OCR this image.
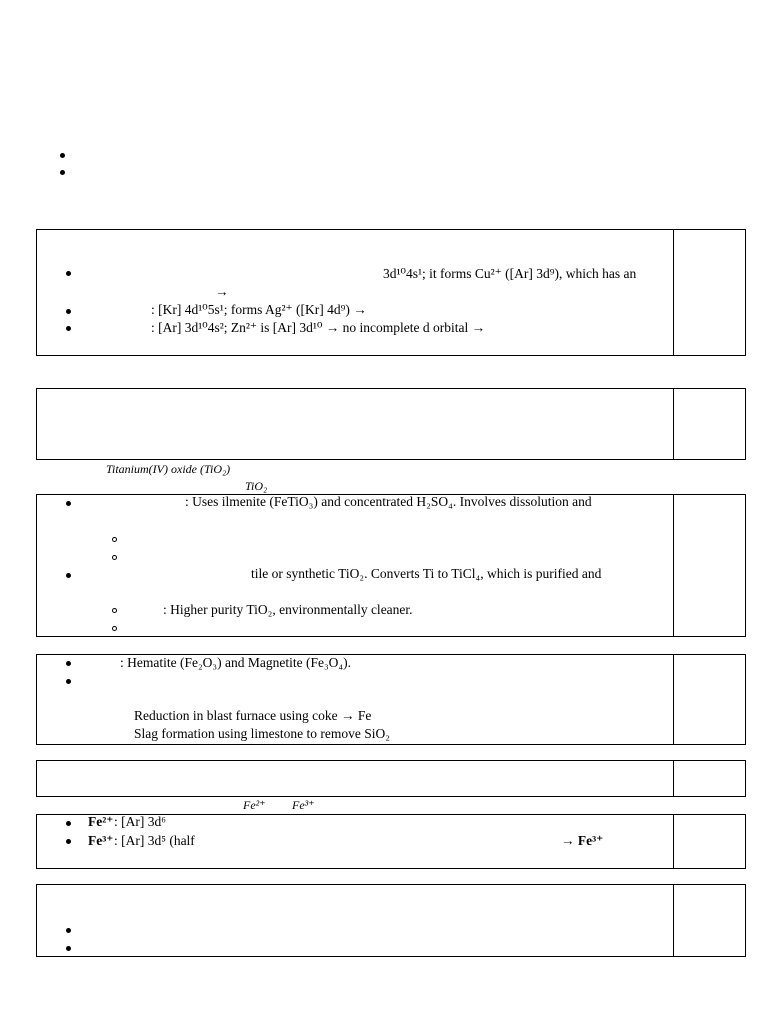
3d¹⁰4s¹; it forms Cu²⁺ ([Ar] 3d⁹), which has an
→
: [Kr] 4d¹⁰5s¹; forms Ag²⁺ ([Kr] 4d⁹) →
: [Ar] 3d¹⁰4s²; Zn²⁺ is [Ar] 3d¹⁰ → no incomplete d orbital →
Titanium(IV) oxide (TiO₂)
TiO₂
: Uses ilmenite (FeTiO₃) and concentrated H₂SO₄. Involves dissolution and
tile or synthetic TiO₂. Converts Ti to TiCl₄, which is purified and
: Higher purity TiO₂, environmentally cleaner.
: Hematite (Fe₂O₃) and Magnetite (Fe₃O₄).
Reduction in blast furnace using coke → Fe
Slag formation using limestone to remove SiO₂
Fe²⁺ Fe³⁺
Fe²⁺ : [Ar] 3d⁶
Fe³⁺ : [Ar] 3d⁵ (half	→ Fe³⁺
